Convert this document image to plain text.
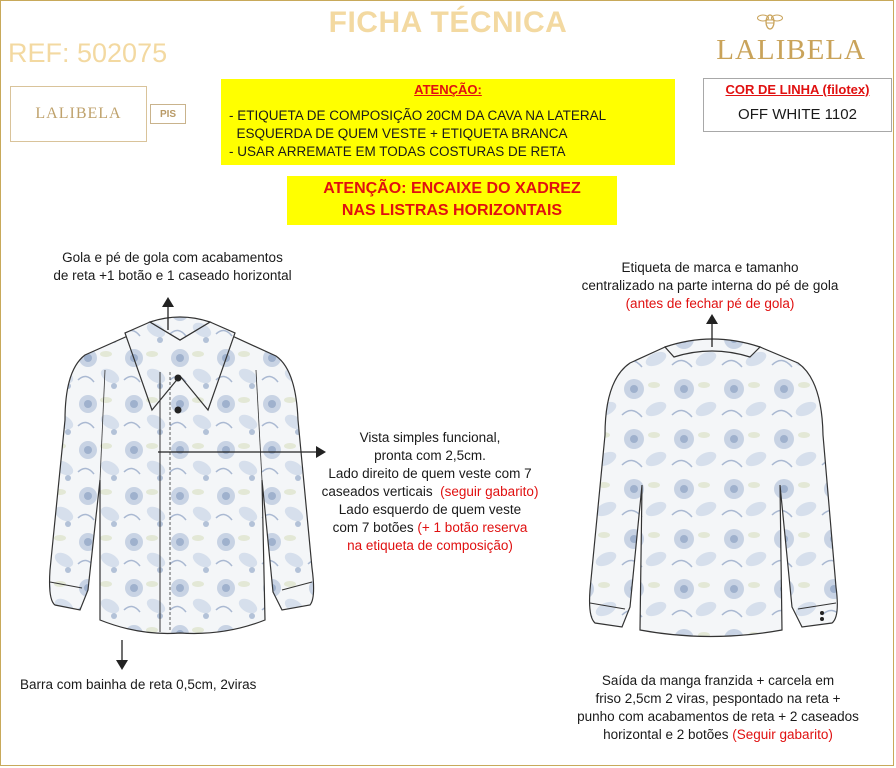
FICHA TÉCNICA
REF: 502075	LALIBELA
LALIBELA	PIS
ATENÇÃO:
- ETIQUETA DE COMPOSIÇÃO 20CM DA CAVA NA LATERAL
ESQUERDA DE QUEM VESTE + ETIQUETA BRANCA
- USAR ARREMATE EM TODAS COSTURAS DE RETA
COR DE LINHA (filotex)
OFF WHITE 1102
ATENÇÃO: ENCAIXE DO XADREZ
NAS LISTRAS HORIZONTAIS
Gola e pé de gola com acabamentos
de reta +1 botão e 1 caseado horizontal
Vista simples funcional,
pronta com 2,5cm.
Lado direito de quem veste com 7
caseados verticais (seguir gabarito)
Lado esquerdo de quem veste
com 7 botões (+ 1 botão reserva
na etiqueta de composição)
Barra com bainha de reta 0,5cm, 2viras
Etiqueta de marca e tamanho
centralizado na parte interna do pé de gola
(antes de fechar pé de gola)
Saída da manga franzida + carcela em
friso 2,5cm 2 viras, pespontado na reta +
punho com acabamentos de reta + 2 caseados
horizontal e 2 botões (Seguir gabarito)
